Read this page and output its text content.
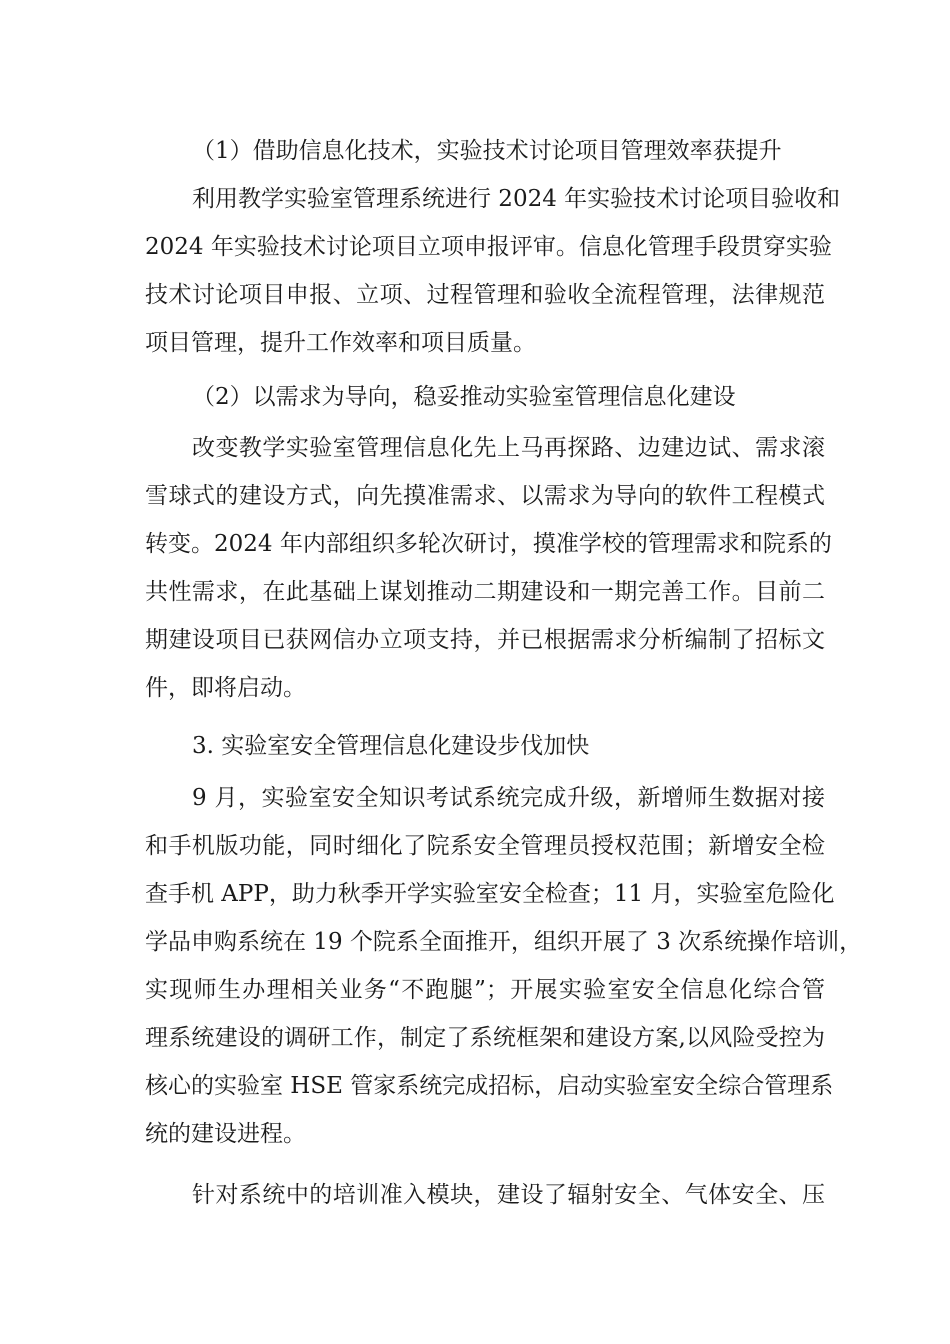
（1）借助信息化技术，实验技术讨论项目管理效率获提升
利用教学实验室管理系统进行 2024 年实验技术讨论项目验收和
2024 年实验技术讨论项目立项申报评审。信息化管理手段贯穿实验
技术讨论项目申报、立项、过程管理和验收全流程管理，法律规范
项目管理，提升工作效率和项目质量。
（2）以需求为导向，稳妥推动实验室管理信息化建设
改变教学实验室管理信息化先上马再探路、边建边试、需求滚
雪球式的建设方式，向先摸准需求、以需求为导向的软件工程模式
转变。2024 年内部组织多轮次研讨，摸准学校的管理需求和院系的
共性需求，在此基础上谋划推动二期建设和一期完善工作。目前二
期建设项目已获网信办立项支持，并已根据需求分析编制了招标文
件，即将启动。
3. 实验室安全管理信息化建设步伐加快
9 月，实验室安全知识考试系统完成升级，新增师生数据对接
和手机版功能，同时细化了院系安全管理员授权范围；新增安全检
查手机 APP，助力秋季开学实验室安全检查；11 月，实验室危险化
学品申购系统在 19 个院系全面推开，组织开展了 3 次系统操作培训，
实现师生办理相关业务“不跑腿”；开展实验室安全信息化综合管
理系统建设的调研工作，制定了系统框架和建设方案,以风险受控为
核心的实验室 HSE 管家系统完成招标，启动实验室安全综合管理系
统的建设进程。
针对系统中的培训准入模块，建设了辐射安全、气体安全、压
